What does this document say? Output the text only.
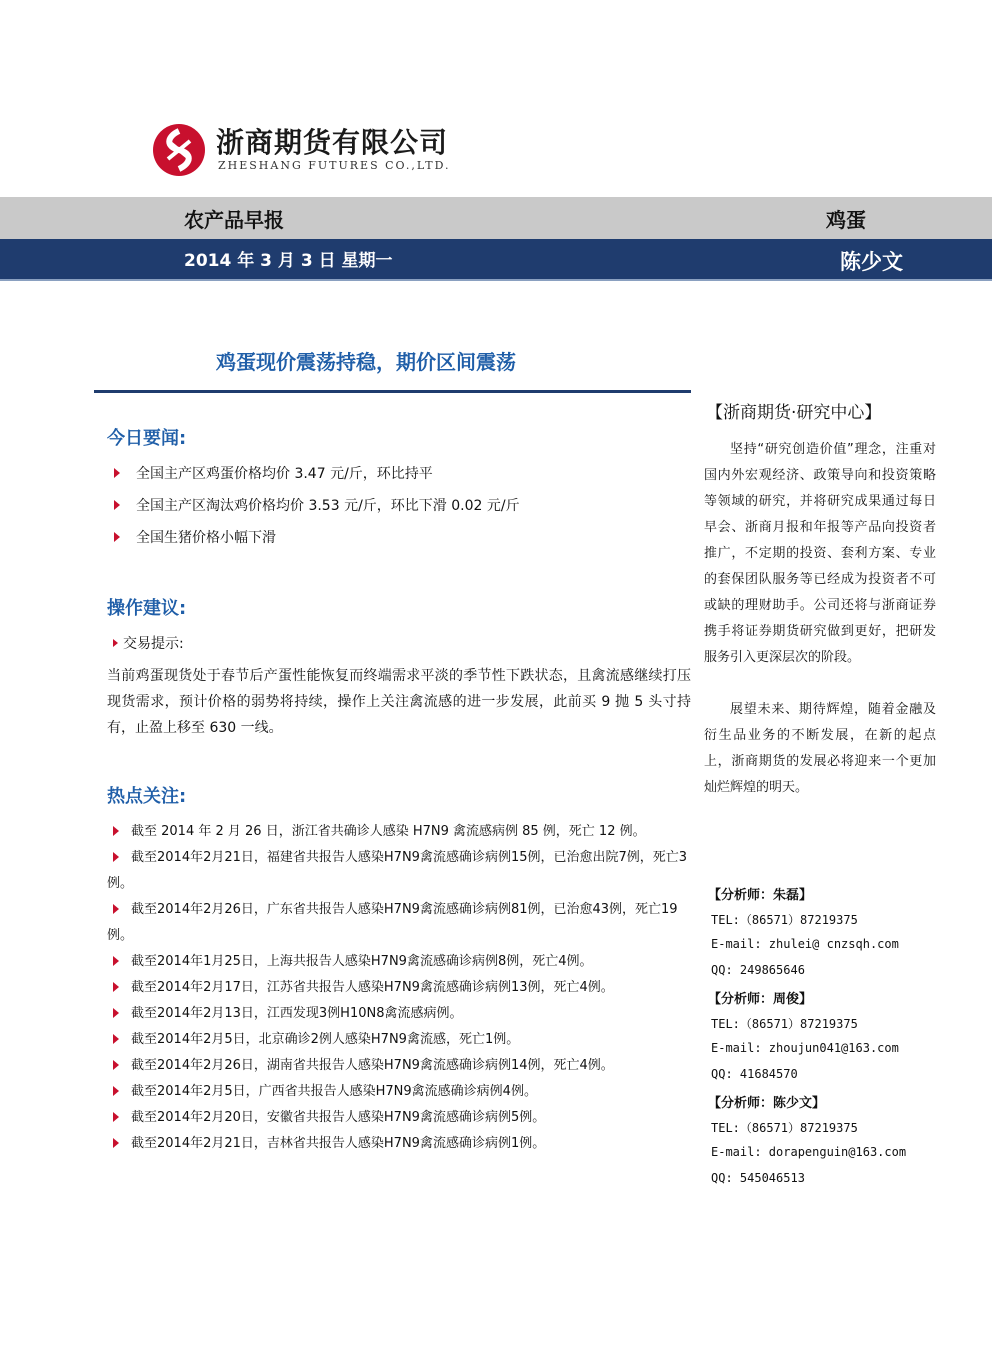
浙商期货有限公司
ZHESHANG FUTURES CO.,LTD.
农产品早报	鸡蛋
2014 年 3 月 3 日 星期一	陈少文
鸡蛋现价震荡持稳，期价区间震荡
今日要闻:
全国主产区鸡蛋价格均价 3.47 元/斤，环比持平
全国主产区淘汰鸡价格均价 3.53 元/斤，环比下滑 0.02 元/斤
全国生猪价格小幅下滑
操作建议:
交易提示:
当前鸡蛋现货处于春节后产蛋性能恢复而终端需求平淡的季节性下跌状态，且禽流感继续打压现货需求，预计价格的弱势将持续，操作上关注禽流感的进一步发展，此前买 9 抛 5 头寸持有，止盈上移至 630 一线。
热点关注:
截至 2014 年 2 月 26 日，浙江省共确诊人感染 H7N9 禽流感病例 85 例，死亡 12 例。
截至2014年2月21日，福建省共报告人感染H7N9禽流感确诊病例15例，已治愈出院7例，死亡3例。
截至2014年2月26日，广东省共报告人感染H7N9禽流感确诊病例81例，已治愈43例，死亡19例。
截至2014年1月25日，上海共报告人感染H7N9禽流感确诊病例8例，死亡4例。
截至2014年2月17日，江苏省共报告人感染H7N9禽流感确诊病例13例，死亡4例。
截至2014年2月13日，江西发现3例H10N8禽流感病例。
截至2014年2月5日，北京确诊2例人感染H7N9禽流感，死亡1例。
截至2014年2月26日，湖南省共报告人感染H7N9禽流感确诊病例14例，死亡4例。
截至2014年2月5日，广西省共报告人感染H7N9禽流感确诊病例4例。
截至2014年2月20日，安徽省共报告人感染H7N9禽流感确诊病例5例。
截至2014年2月21日，吉林省共报告人感染H7N9禽流感确诊病例1例。
【浙商期货·研究中心】

坚持“研究创造价值”理念，注重对国内外宏观经济、政策导向和投资策略等领域的研究，并将研究成果通过每日早会、浙商月报和年报等产品向投资者推广，不定期的投资、套利方案、专业的套保团队服务等已经成为投资者不可或缺的理财助手。公司还将与浙商证券携手将证券期货研究做到更好，把研发服务引入更深层次的阶段。

展望未来、期待辉煌，随着金融及衍生品业务的不断发展，在新的起点上，浙商期货的发展必将迎来一个更加灿烂辉煌的明天。

【分析师：朱磊】
TEL:（86571）87219375
E-mail: zhulei@ cnzsqh.com
QQ: 249865646
【分析师：周俊】
TEL:（86571）87219375
E-mail: zhoujun041@163.com
QQ: 41684570
【分析师：陈少文】
TEL:（86571）87219375
E-mail: dorapenguin@163.com
QQ: 545046513
